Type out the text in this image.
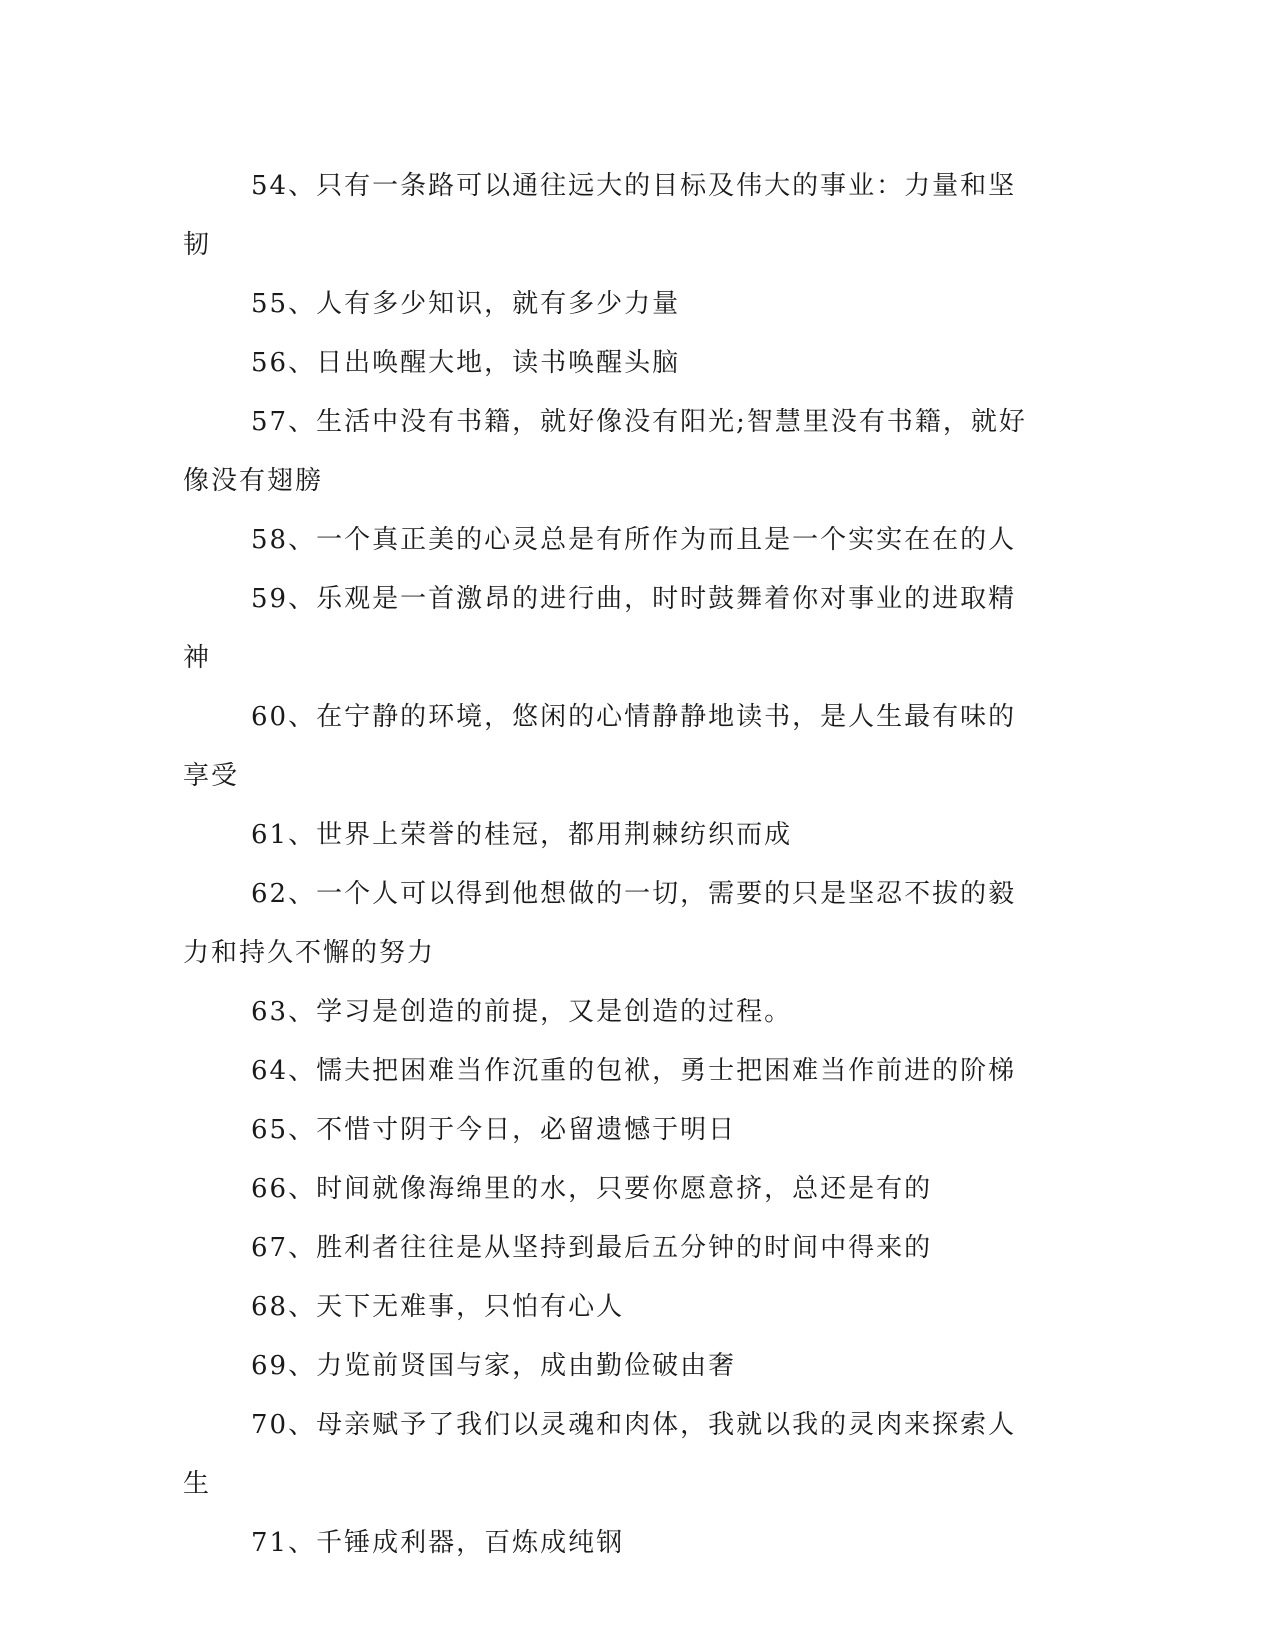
54、只有一条路可以通往远大的目标及伟大的事业：力量和坚韧

55、人有多少知识，就有多少力量

56、日出唤醒大地，读书唤醒头脑

57、生活中没有书籍，就好像没有阳光;智慧里没有书籍，就好像没有翅膀

58、一个真正美的心灵总是有所作为而且是一个实实在在的人

59、乐观是一首激昂的进行曲，时时鼓舞着你对事业的进取精神

60、在宁静的环境，悠闲的心情静静地读书，是人生最有味的享受

61、世界上荣誉的桂冠，都用荆棘纺织而成

62、一个人可以得到他想做的一切，需要的只是坚忍不拔的毅力和持久不懈的努力

63、学习是创造的前提，又是创造的过程。

64、懦夫把困难当作沉重的包袱，勇士把困难当作前进的阶梯

65、不惜寸阴于今日，必留遗憾于明日

66、时间就像海绵里的水，只要你愿意挤，总还是有的

67、胜利者往往是从坚持到最后五分钟的时间中得来的

68、天下无难事，只怕有心人

69、力览前贤国与家，成由勤俭破由奢

70、母亲赋予了我们以灵魂和肉体，我就以我的灵肉来探索人生

71、千锤成利器，百炼成纯钢
